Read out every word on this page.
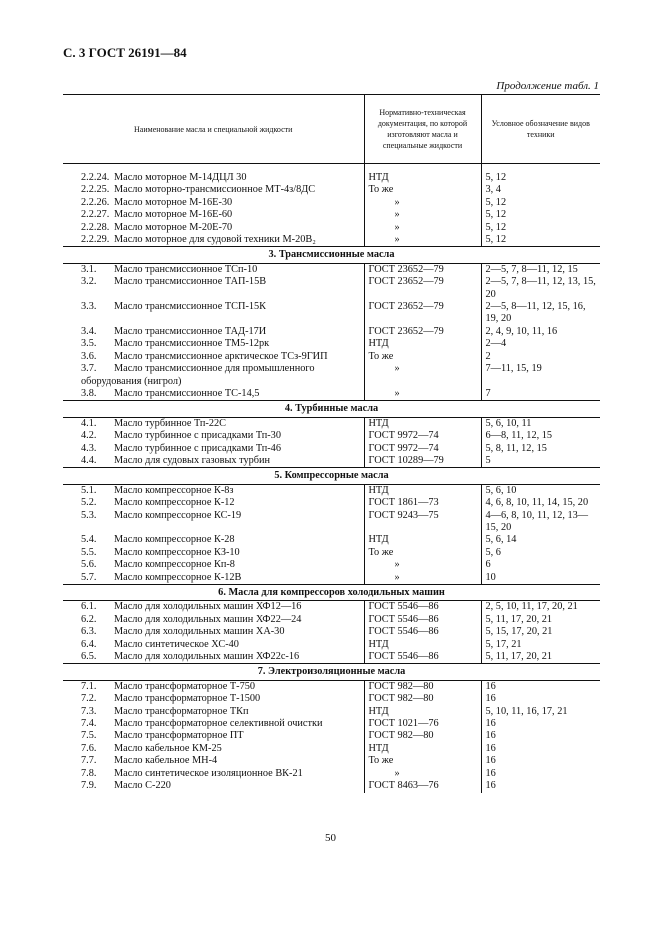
С. 3 ГОСТ 26191—84
Продолжение табл. 1
Наименование масла и специальной жидкости	Нормативно-техническая документация, по которой изготовляют масла и специальные жидкости	Условное обозначение видов техники

2.2.24. Масло моторное М-14ДЦЛ 30	НТД	5, 12
2.2.25. Масло моторно-трансмиссионное МТ-4з/8ДС	То же	3, 4
2.2.26. Масло моторное М-16Е-30	»	5, 12
2.2.27. Масло моторное М-16Е-60	»	5, 12
2.2.28. Масло моторное М-20Е-70	»	5, 12
2.2.29. Масло моторное для судовой техники М-20В₂	»	5, 12
3. Трансмиссионные масла		
3.1. Масло трансмиссионное ТСп-10	ГОСТ 23652—79	2—5, 7, 8—11, 12, 15
3.2. Масло трансмиссионное ТАП-15В	ГОСТ 23652—79	2—5, 7, 8—11, 12, 13, 15, 20
3.3. Масло трансмиссионное ТСП-15К	ГОСТ 23652—79	2—5, 8—11, 12, 15, 16, 19, 20
3.4. Масло трансмиссионное ТАД-17И	ГОСТ 23652—79	2, 4, 9, 10, 11, 16
3.5. Масло трансмиссионное ТМ5-12рк	НТД	2—4
3.6. Масло трансмиссионное арктическое ТСз-9ГИП	То же	2
3.7. Масло трансмиссионное для промышленного оборудования (нигрол)	»	7—11, 15, 19
3.8. Масло трансмиссионное ТС-14,5	»	7
4. Турбинные масла		
4.1. Масло турбинное Тп-22С	НТД	5, 6, 10, 11
4.2. Масло турбинное с присадками Тп-30	ГОСТ 9972—74	6—8, 11, 12, 15
4.3. Масло турбинное с присадками Тп-46	ГОСТ 9972—74	5, 8, 11, 12, 15
4.4. Масло для судовых газовых турбин	ГОСТ 10289—79	5
5. Компрессорные масла		
5.1. Масло компрессорное К-8з	НТД	5, 6, 10
5.2. Масло компрессорное К-12	ГОСТ 1861—73	4, 6, 8, 10, 11, 14, 15, 20
5.3. Масло компрессорное КС-19	ГОСТ 9243—75	4—6, 8, 10, 11, 12, 13—15, 20
5.4. Масло компрессорное К-28	НТД	5, 6, 14
5.5. Масло компрессорное КЗ-10	То же	5, 6
5.6. Масло компрессорное Кп-8	»	6
5.7. Масло компрессорное К-12В	»	10
6. Масла для компрессоров холодильных машин		
6.1. Масло для холодильных машин ХФ12—16	ГОСТ 5546—86	2, 5, 10, 11, 17, 20, 21
6.2. Масло для холодильных машин ХФ22—24	ГОСТ 5546—86	5, 11, 17, 20, 21
6.3. Масло для холодильных машин ХА-30	ГОСТ 5546—86	5, 15, 17, 20, 21
6.4. Масло синтетическое ХС-40	НТД	5, 17, 21
6.5. Масло для холодильных машин ХФ22с-16	ГОСТ 5546—86	5, 11, 17, 20, 21
7. Электроизоляционные масла		
7.1. Масло трансформаторное Т-750	ГОСТ 982—80	16
7.2. Масло трансформаторное Т-1500	ГОСТ 982—80	16
7.3. Масло трансформаторное ТКп	НТД	5, 10, 11, 16, 17, 21
7.4. Масло трансформаторное селективной очистки	ГОСТ 1021—76	16
7.5. Масло трансформаторное ПТ	ГОСТ 982—80	16
7.6. Масло кабельное КМ-25	НТД	16
7.7. Масло кабельное МН-4	То же	16
7.8. Масло синтетическое изоляционное ВК-21	»	16
7.9. Масло С-220	ГОСТ 8463—76	16
50
